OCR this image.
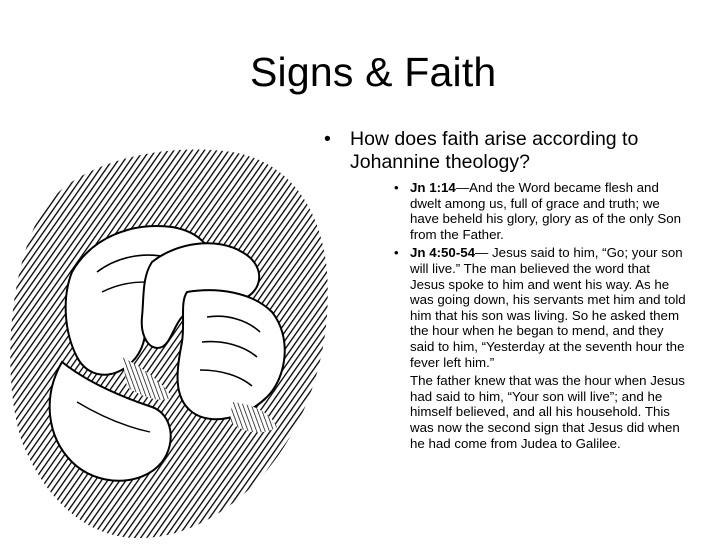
Signs & Faith
• How does faith arise according to Johannine theology?
• Jn 1:14—And the Word became flesh and dwelt among us, full of grace and truth; we have beheld his glory, glory as of the only Son from the Father.
• Jn 4:50-54— Jesus said to him, “Go; your son will live.” The man believed the word that Jesus spoke to him and went his way. As he was going down, his servants met him and told him that his son was living. So he asked them the hour when he began to mend, and they said to him, “Yesterday at the seventh hour the fever left him.”
The father knew that was the hour when Jesus had said to him, “Your son will live”; and he himself believed, and all his household. This was now the second sign that Jesus did when he had come from Judea to Galilee.
